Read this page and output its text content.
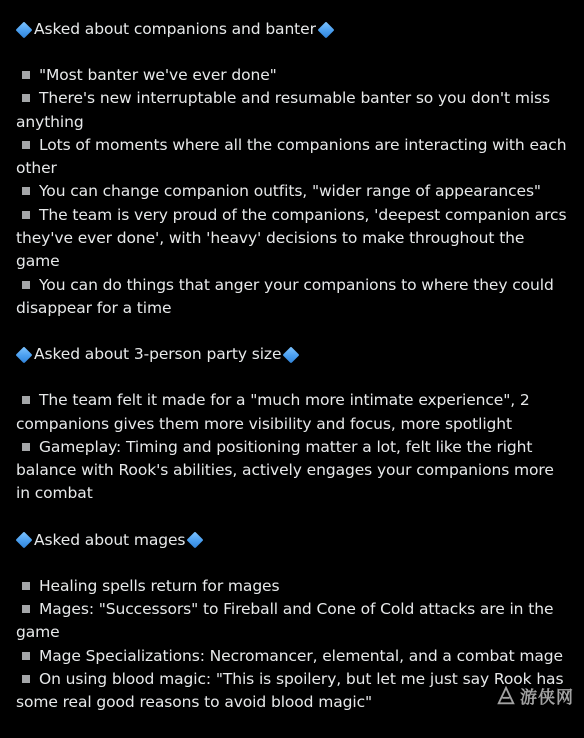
Asked about companions and banter
"Most banter we've ever done"
There's new interruptable and resumable banter so you don't miss anything
Lots of moments where all the companions are interacting with each other
You can change companion outfits, "wider range of appearances"
The team is very proud of the companions, 'deepest companion arcs they've ever done', with 'heavy' decisions to make throughout the game
You can do things that anger your companions to where they could disappear for a time
Asked about 3-person party size
The team felt it made for a "much more intimate experience", 2 companions gives them more visibility and focus, more spotlight
Gameplay: Timing and positioning matter a lot, felt like the right balance with Rook's abilities, actively engages your companions more in combat
Asked about mages
Healing spells return for mages
Mages: "Successors" to Fireball and Cone of Cold attacks are in the game
Mage Specializations: Necromancer, elemental, and a combat mage
On using blood magic: "This is spoilery, but let me just say Rook has some real good reasons to avoid blood magic"	游侠网
